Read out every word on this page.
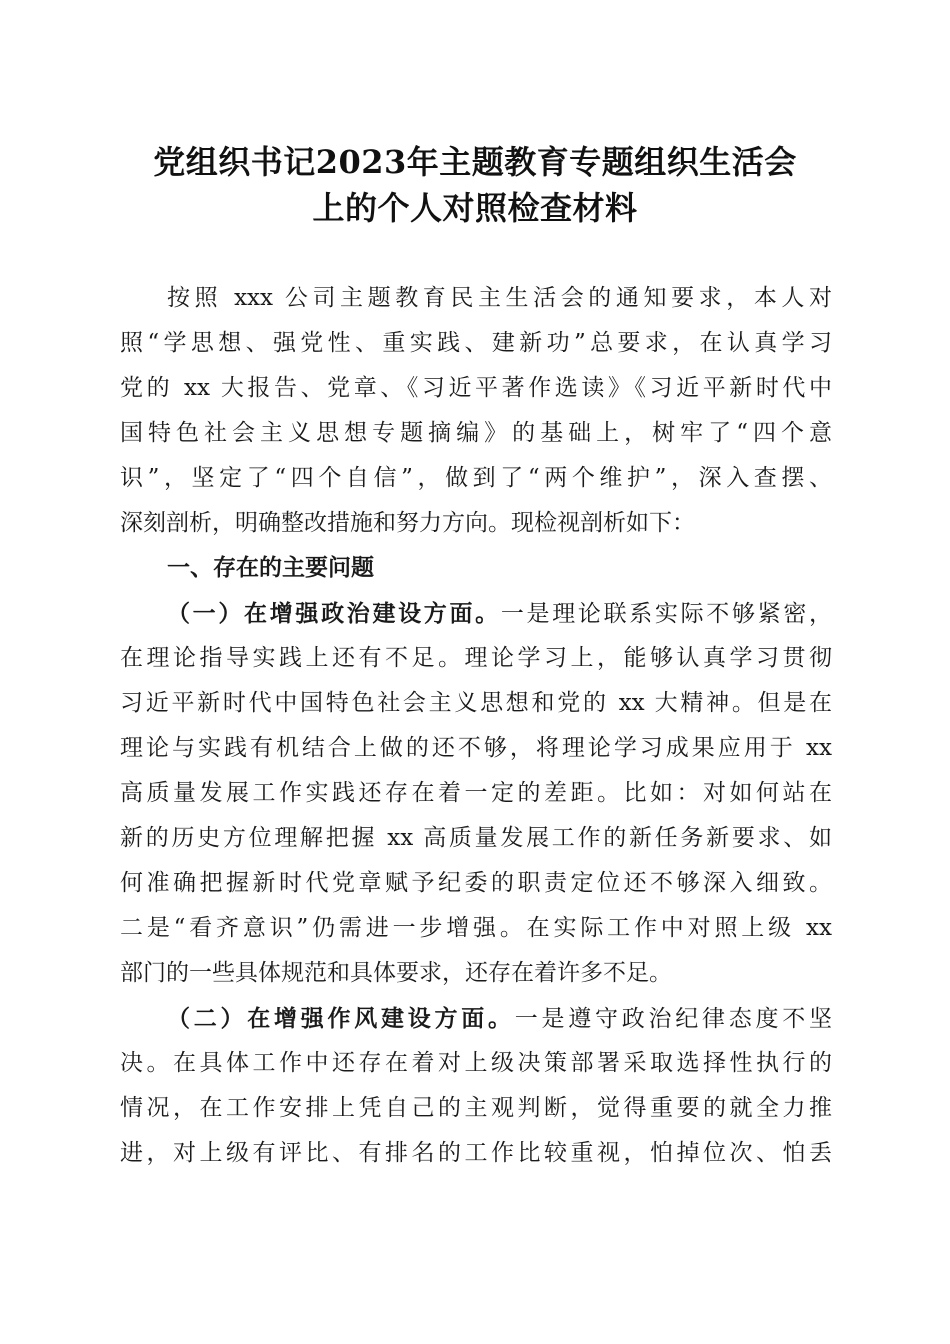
党组织书记2023年主题教育专题组织生活会
上的个人对照检查材料
按照 xxx 公司主题教育民主生活会的通知要求，本人对
照“学思想、强党性、重实践、建新功”总要求，在认真学习
党的 xx 大报告、党章、《习近平著作选读》《习近平新时代中
国特色社会主义思想专题摘编》的基础上，树牢了“四个意
识”，坚定了“四个自信”，做到了“两个维护”，深入查摆、
深刻剖析，明确整改措施和努力方向。现检视剖析如下：
一、存在的主要问题
（一）在增强政治建设方面。一是理论联系实际不够紧密，
在理论指导实践上还有不足。理论学习上，能够认真学习贯彻
习近平新时代中国特色社会主义思想和党的 xx 大精神。但是在
理论与实践有机结合上做的还不够，将理论学习成果应用于 xx
高质量发展工作实践还存在着一定的差距。比如：对如何站在
新的历史方位理解把握 xx 高质量发展工作的新任务新要求、如
何准确把握新时代党章赋予纪委的职责定位还不够深入细致。
二是“看齐意识”仍需进一步增强。在实际工作中对照上级 xx
部门的一些具体规范和具体要求，还存在着许多不足。
（二）在增强作风建设方面。一是遵守政治纪律态度不坚
决。在具体工作中还存在着对上级决策部署采取选择性执行的
情况，在工作安排上凭自己的主观判断，觉得重要的就全力推
进，对上级有评比、有排名的工作比较重视，怕掉位次、怕丢
